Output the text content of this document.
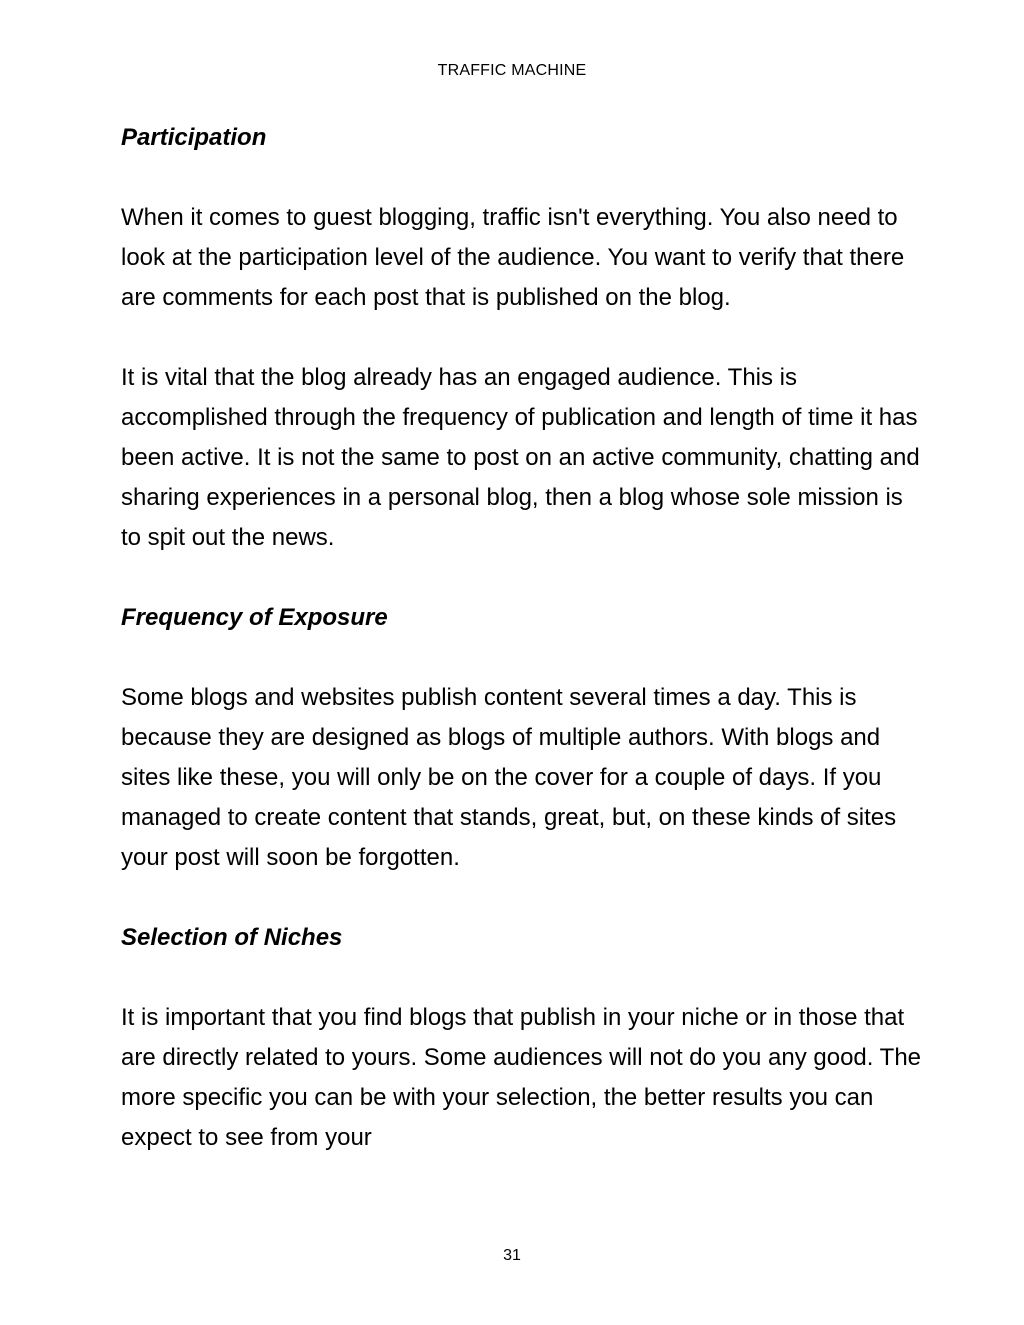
TRAFFIC MACHINE
Participation
When it comes to guest blogging, traffic isn't everything. You also need to look at the participation level of the audience. You want to verify that there are comments for each post that is published on the blog.
It is vital that the blog already has an engaged audience. This is accomplished through the frequency of publication and length of time it has been active. It is not the same to post on an active community, chatting and sharing experiences in a personal blog, then a blog whose sole mission is to spit out the news.
Frequency of Exposure
Some blogs and websites publish content several times a day. This is because they are designed as blogs of multiple authors. With blogs and sites like these, you will only be on the cover for a couple of days. If you managed to create content that stands, great, but, on these kinds of sites your post will soon be forgotten.
Selection of Niches
It is important that you find blogs that publish in your niche or in those that are directly related to yours. Some audiences will not do you any good. The more specific you can be with your selection, the better results you can expect to see from your
31
